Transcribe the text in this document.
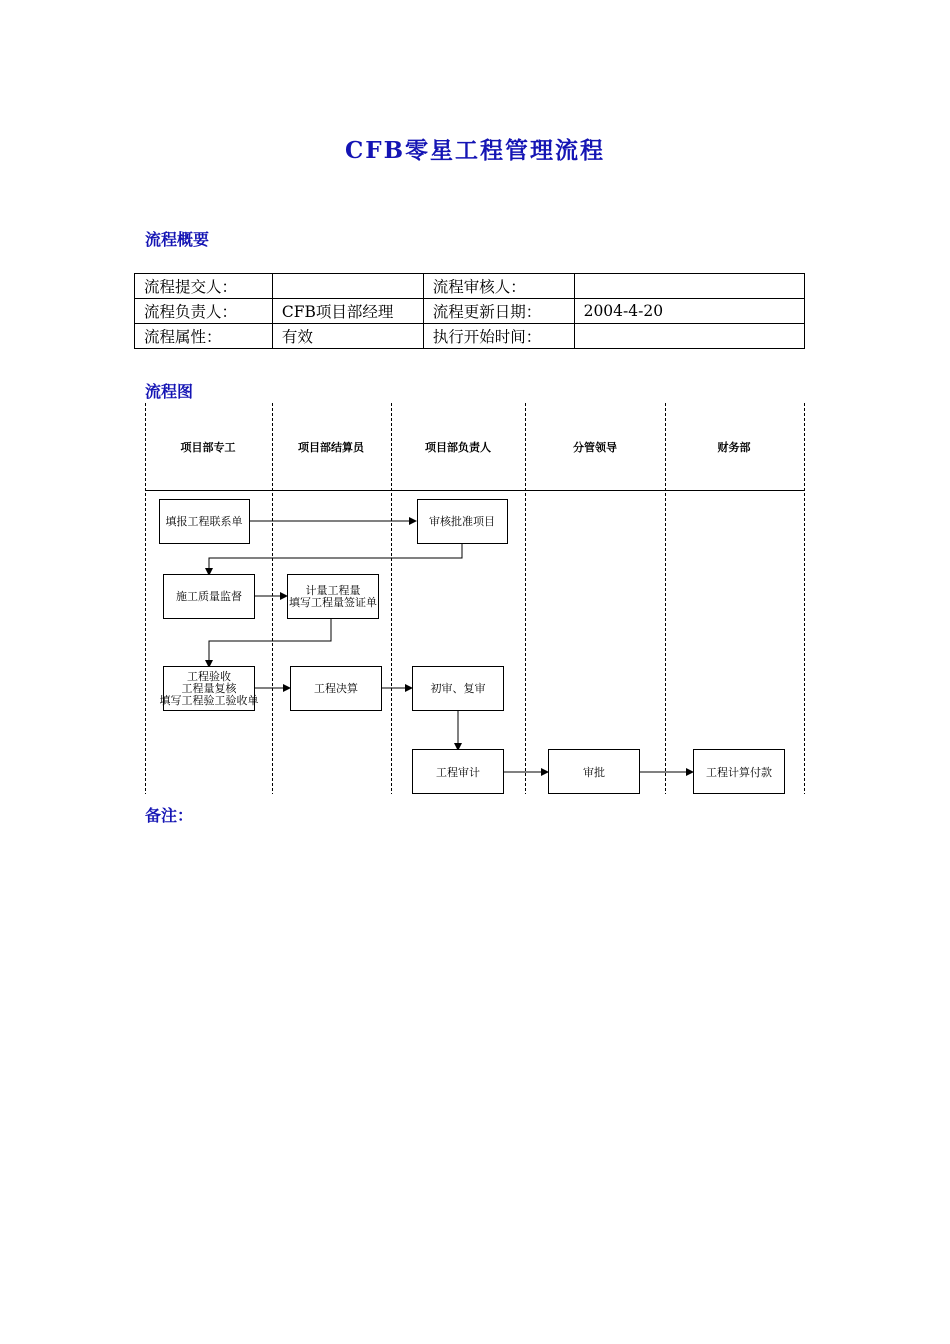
CFB零星工程管理流程
流程概要
流程提交人：		流程审核人：	
流程负责人：	CFB项目部经理	流程更新日期：	2004-4-20
流程属性：	有效	执行开始时间：	
流程图
项目部专工	项目部结算员	项目部负责人	分管领导	财务部
填报工程联系单	审核批准项目
施工质量监督	计量工程量
填写工程量签证单
工程验收
工程量复核
填写工程验工验收单
工程决算	初审、复审
工程审计	审批	工程计算付款
备注：
